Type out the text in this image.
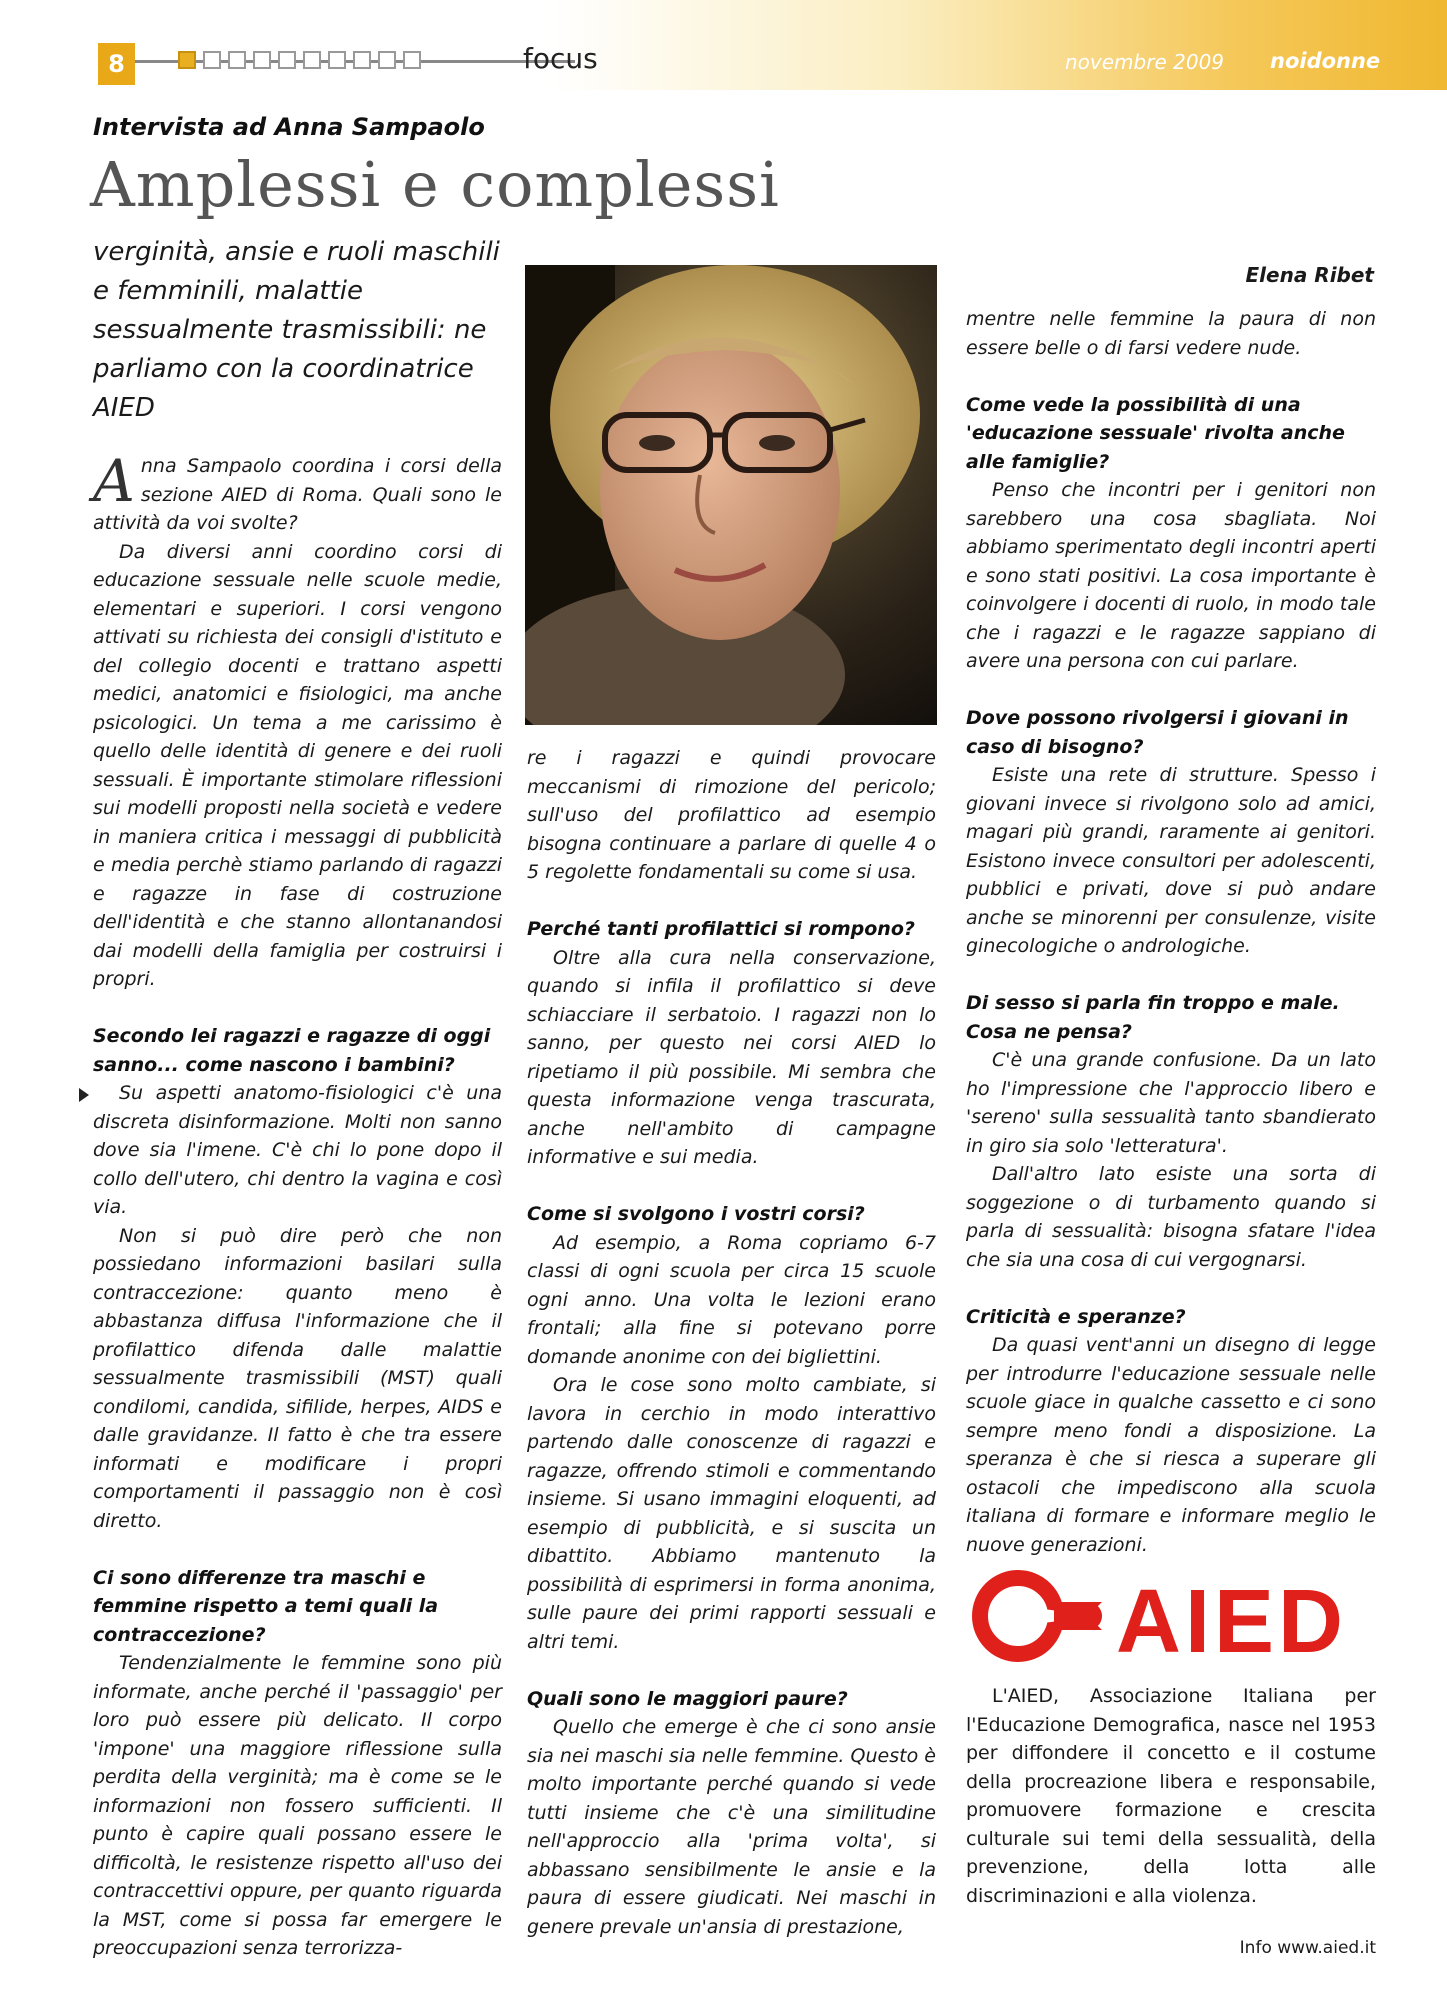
8	focus	novembre 2009 noidonne
Intervista ad Anna Sampaolo
Amplessi e complessi
verginità, ansie e ruoli maschili e femminili, malattie sessualmente trasmissibili: ne parliamo con la coordinatrice AIED
Elena Ribet

Anna Sampaolo coordina i corsi della sezione AIED di Roma. Quali sono le attività da voi svolte?

Da diversi anni coordino corsi di educazione sessuale nelle scuole medie, elementari e superiori. I corsi vengono attivati su richiesta dei consigli d'istituto e del collegio docenti e trattano aspetti medici, anatomici e fisiologici, ma anche psicologici. Un tema a me carissimo è quello delle identità di genere e dei ruoli sessuali. È importante stimolare riflessioni sui modelli proposti nella società e vedere in maniera critica i messaggi di pubblicità e media perchè stiamo parlando di ragazzi e ragazze in fase di costruzione dell'identità e che stanno allontanandosi dai modelli della famiglia per costruirsi i propri.

Secondo lei ragazzi e ragazze di oggi sanno... come nascono i bambini?

Su aspetti anatomo-fisiologici c'è una discreta disinformazione. Molti non sanno dove sia l'imene. C'è chi lo pone dopo il collo dell'utero, chi dentro la vagina e così via.

Non si può dire però che non possiedano informazioni basilari sulla contraccezione: quanto meno è abbastanza diffusa l'informazione che il profilattico difenda dalle malattie sessualmente trasmissibili (MST) quali condilomi, candida, sifilide, herpes, AIDS e dalle gravidanze. Il fatto è che tra essere informati e modificare i propri comportamenti il passaggio non è così diretto.

Ci sono differenze tra maschi e femmine rispetto a temi quali la contraccezione?

Tendenzialmente le femmine sono più informate, anche perché il 'passaggio' per loro può essere più delicato. Il corpo 'impone' una maggiore riflessione sulla perdita della verginità; ma è come se le informazioni non fossero sufficienti. Il punto è capire quali possano essere le difficoltà, le resistenze rispetto all'uso dei contraccettivi oppure, per quanto riguarda la MST, come si possa far emergere le preoccupazioni senza terrorizza-

re i ragazzi e quindi provocare meccanismi di rimozione del pericolo; sull'uso del profilattico ad esempio bisogna continuare a parlare di quelle 4 o 5 regolette fondamentali su come si usa.

Perché tanti profilattici si rompono?

Oltre alla cura nella conservazione, quando si infila il profilattico si deve schiacciare il serbatoio. I ragazzi non lo sanno, per questo nei corsi AIED lo ripetiamo il più possibile. Mi sembra che questa informazione venga trascurata, anche nell'ambito di campagne informative e sui media.

Come si svolgono i vostri corsi?

Ad esempio, a Roma copriamo 6-7 classi di ogni scuola per circa 15 scuole ogni anno. Una volta le lezioni erano frontali; alla fine si potevano porre domande anonime con dei bigliettini.

Ora le cose sono molto cambiate, si lavora in cerchio in modo interattivo partendo dalle conoscenze di ragazzi e ragazze, offrendo stimoli e commentando insieme. Si usano immagini eloquenti, ad esempio di pubblicità, e si suscita un dibattito. Abbiamo mantenuto la possibilità di esprimersi in forma anonima, sulle paure dei primi rapporti sessuali e altri temi.

Quali sono le maggiori paure?

Quello che emerge è che ci sono ansie sia nei maschi sia nelle femmine. Questo è molto importante perché quando si vede tutti insieme che c'è una similitudine nell'approccio alla 'prima volta', si abbassano sensibilmente le ansie e la paura di essere giudicati. Nei maschi in genere prevale un'ansia di prestazione,

mentre nelle femmine la paura di non essere belle o di farsi vedere nude.

Come vede la possibilità di una 'educazione sessuale' rivolta anche alle famiglie?

Penso che incontri per i genitori non sarebbero una cosa sbagliata. Noi abbiamo sperimentato degli incontri aperti e sono stati positivi. La cosa importante è coinvolgere i docenti di ruolo, in modo tale che i ragazzi e le ragazze sappiano di avere una persona con cui parlare.

Dove possono rivolgersi i giovani in caso di bisogno?

Esiste una rete di strutture. Spesso i giovani invece si rivolgono solo ad amici, magari più grandi, raramente ai genitori. Esistono invece consultori per adolescenti, pubblici e privati, dove si può andare anche se minorenni per consulenze, visite ginecologiche o andrologiche.

Di sesso si parla fin troppo e male. Cosa ne pensa?

C'è una grande confusione. Da un lato ho l'impressione che l'approccio libero e 'sereno' sulla sessualità tanto sbandierato in giro sia solo 'letteratura'.

Dall'altro lato esiste una sorta di soggezione o di turbamento quando si parla di sessualità: bisogna sfatare l'idea che sia una cosa di cui vergognarsi.

Criticità e speranze?

Da quasi vent'anni un disegno di legge per introdurre l'educazione sessuale nelle scuole giace in qualche cassetto e ci sono sempre meno fondi a disposizione. La speranza è che si riesca a superare gli ostacoli che impediscono alla scuola italiana di formare e informare meglio le nuove generazioni.

AIED

L'AIED, Associazione Italiana per l'Educazione Demografica, nasce nel 1953 per diffondere il concetto e il costume della procreazione libera e responsabile, promuovere formazione e crescita culturale sui temi della sessualità, della prevenzione, della lotta alle discriminazioni e alla violenza.

Info www.aied.it
